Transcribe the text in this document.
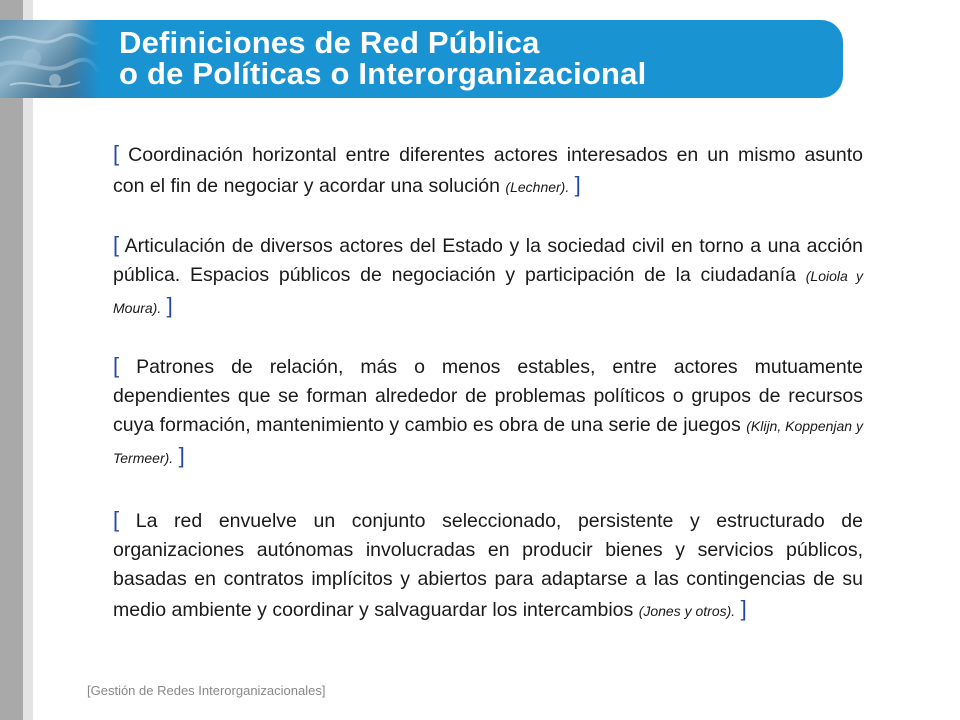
Definiciones de Red Pública
o de Políticas o Interorganizacional

[ Coordinación horizontal entre diferentes actores interesados en un mismo asunto con el fin de negociar y acordar una solución (Lechner). ]

[ Articulación de diversos actores del Estado y la sociedad civil en torno a una acción pública. Espacios públicos de negociación y participación de la ciudadanía (Loiola y Moura). ]

[ Patrones de relación, más o menos estables, entre actores mutuamente dependientes que se forman alrededor de problemas políticos o grupos de recursos cuya formación, mantenimiento y cambio es obra de una serie de juegos (Klijn, Koppenjan y Termeer). ]

[ La red envuelve un conjunto seleccionado, persistente y estructurado de organizaciones autónomas involucradas en producir bienes y servicios públicos, basadas en contratos implícitos y abiertos para adaptarse a las contingencias de su medio ambiente y coordinar y salvaguardar los intercambios (Jones y otros). ]

[Gestión de Redes Interorganizacionales]
